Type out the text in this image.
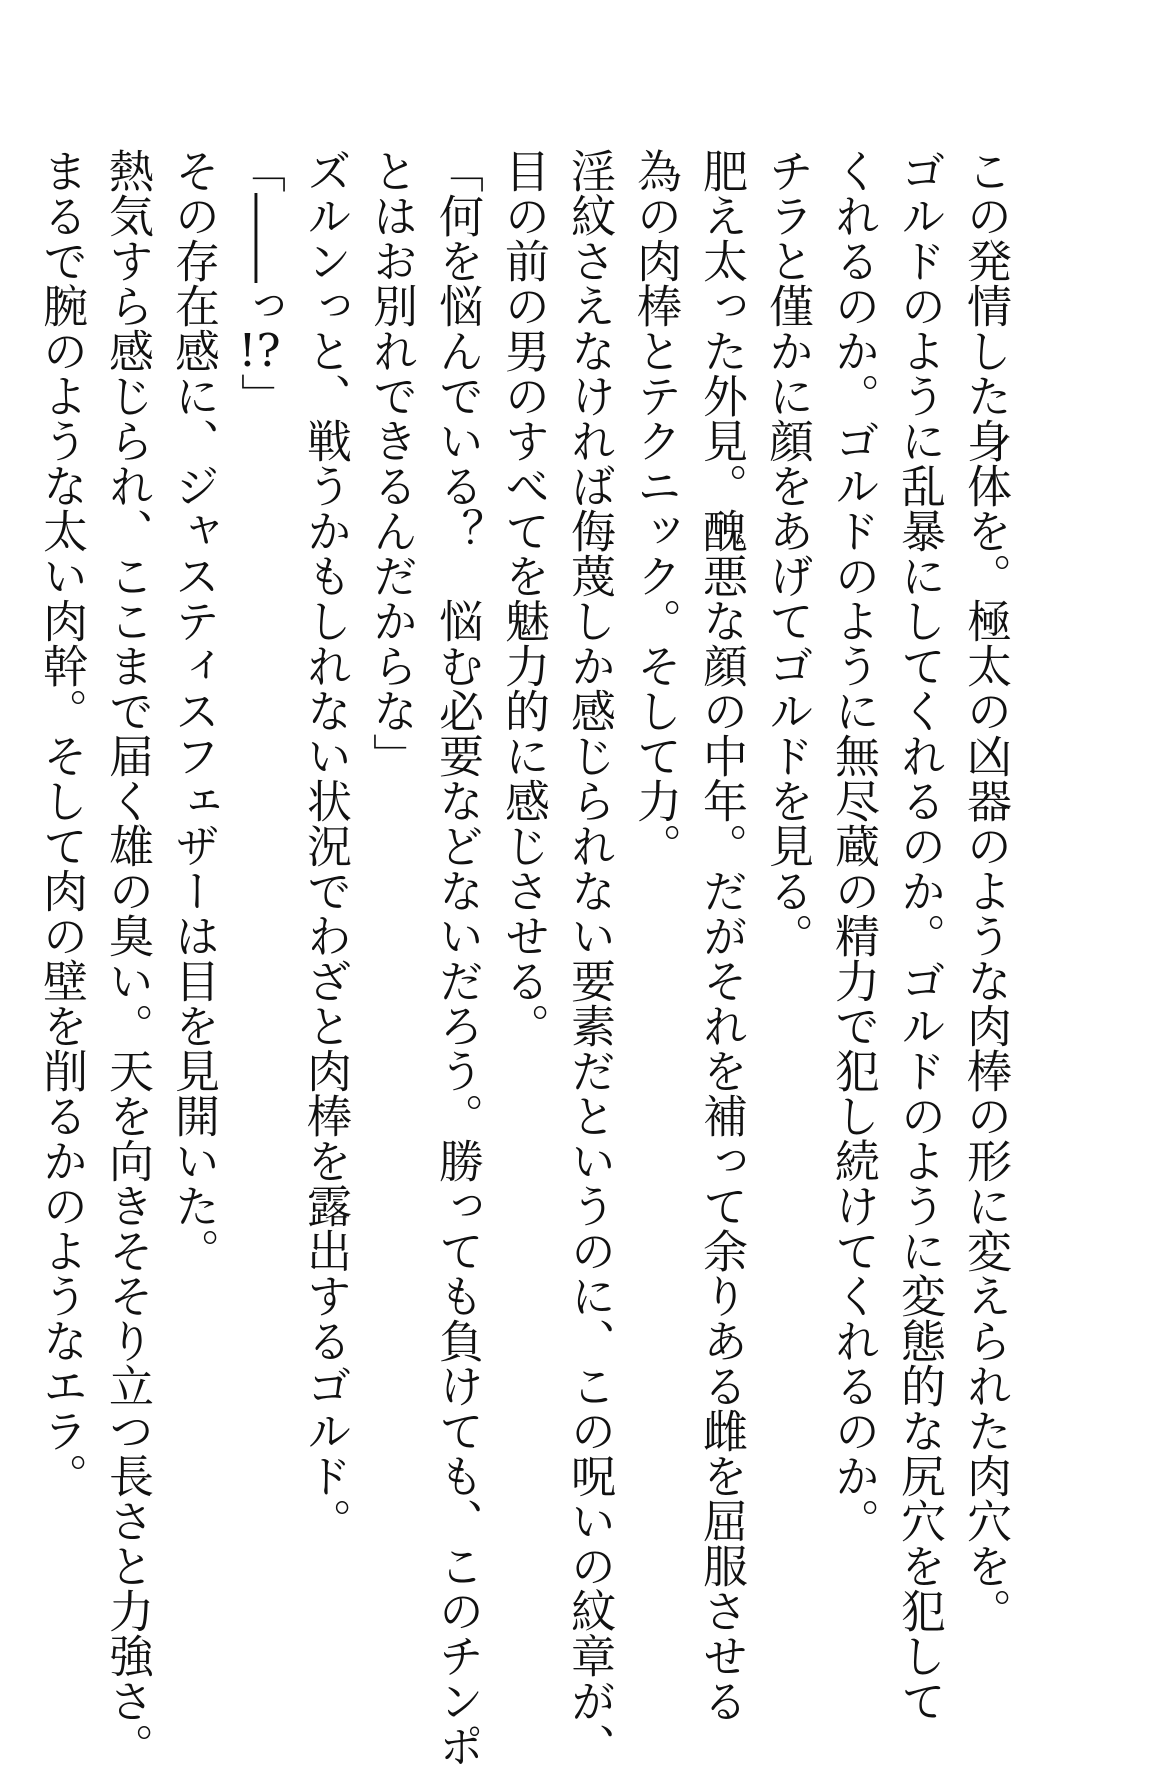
この発情した身体を。極太の凶器のような肉棒の形に変えられた肉穴を。
ゴルドのように乱暴にしてくれるのか。ゴルドのように変態的な尻穴を犯して
くれるのか。ゴルドのように無尽蔵の精力で犯し続けてくれるのか。
チラと僅かに顔をあげてゴルドを見る。
肥え太った外見。醜悪な顔の中年。だがそれを補って余りある雌を屈服させる
為の肉棒とテクニック。そして力。
淫紋さえなければ侮蔑しか感じられない要素だというのに、この呪いの紋章が、
目の前の男のすべてを魅力的に感じさせる。
「何を悩んでいる？　悩む必要などないだろう。勝っても負けても、このチンポ
とはお別れできるんだからな」
ズルンっと、戦うかもしれない状況でわざと肉棒を露出するゴルド。
「――っ!?」
その存在感に、ジャスティスフェザーは目を見開いた。
熱気すら感じられ、ここまで届く雄の臭い。天を向きそそり立つ長さと力強さ。
まるで腕のような太い肉幹。そして肉の壁を削るかのようなエラ。
